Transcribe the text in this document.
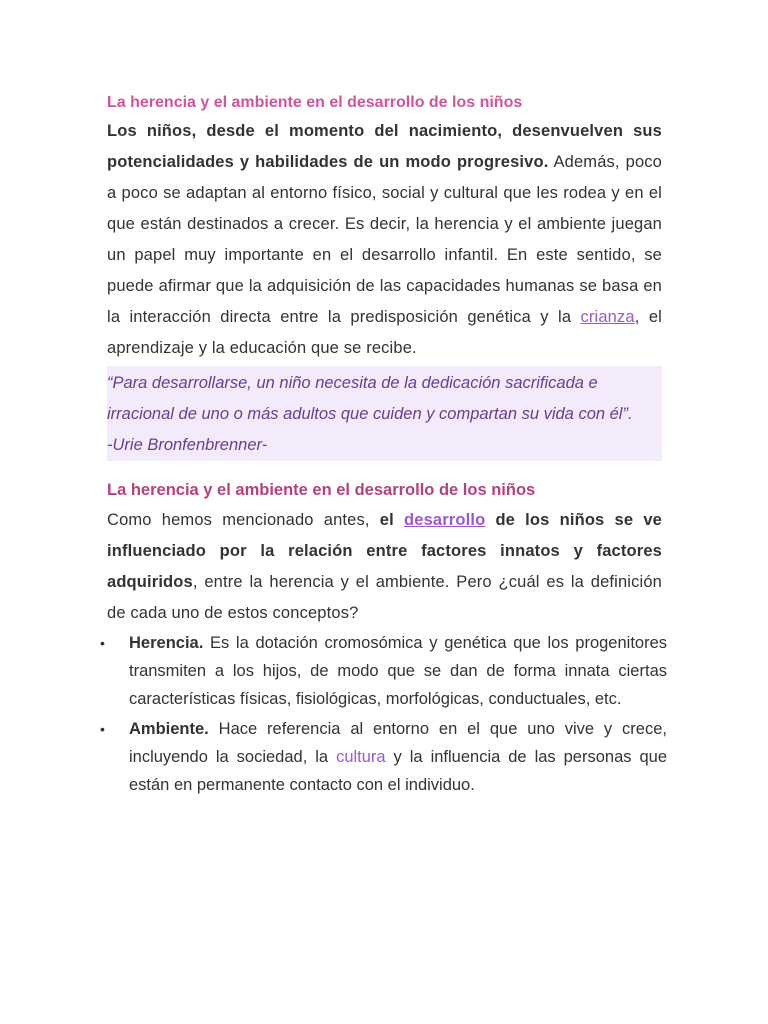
La herencia y el ambiente en el desarrollo de los niños

Los niños, desde el momento del nacimiento, desenvuelven sus potencialidades y habilidades de un modo progresivo. Además, poco a poco se adaptan al entorno físico, social y cultural que les rodea y en el que están destinados a crecer. Es decir, la herencia y el ambiente juegan un papel muy importante en el desarrollo infantil. En este sentido, se puede afirmar que la adquisición de las capacidades humanas se basa en la interacción directa entre la predisposición genética y la crianza, el aprendizaje y la educación que se recibe.

“Para desarrollarse, un niño necesita de la dedicación sacrificada e irracional de uno o más adultos que cuiden y compartan su vida con él”.

-Urie Bronfenbrenner-

La herencia y el ambiente en el desarrollo de los niños

Como hemos mencionado antes, el desarrollo de los niños se ve influenciado por la relación entre factores innatos y factores adquiridos, entre la herencia y el ambiente. Pero ¿cuál es la definición de cada uno de estos conceptos?

• Herencia. Es la dotación cromosómica y genética que los progenitores transmiten a los hijos, de modo que se dan de forma innata ciertas características físicas, fisiológicas, morfológicas, conductuales, etc.
• Ambiente. Hace referencia al entorno en el que uno vive y crece, incluyendo la sociedad, la cultura y la influencia de las personas que están en permanente contacto con el individuo.
